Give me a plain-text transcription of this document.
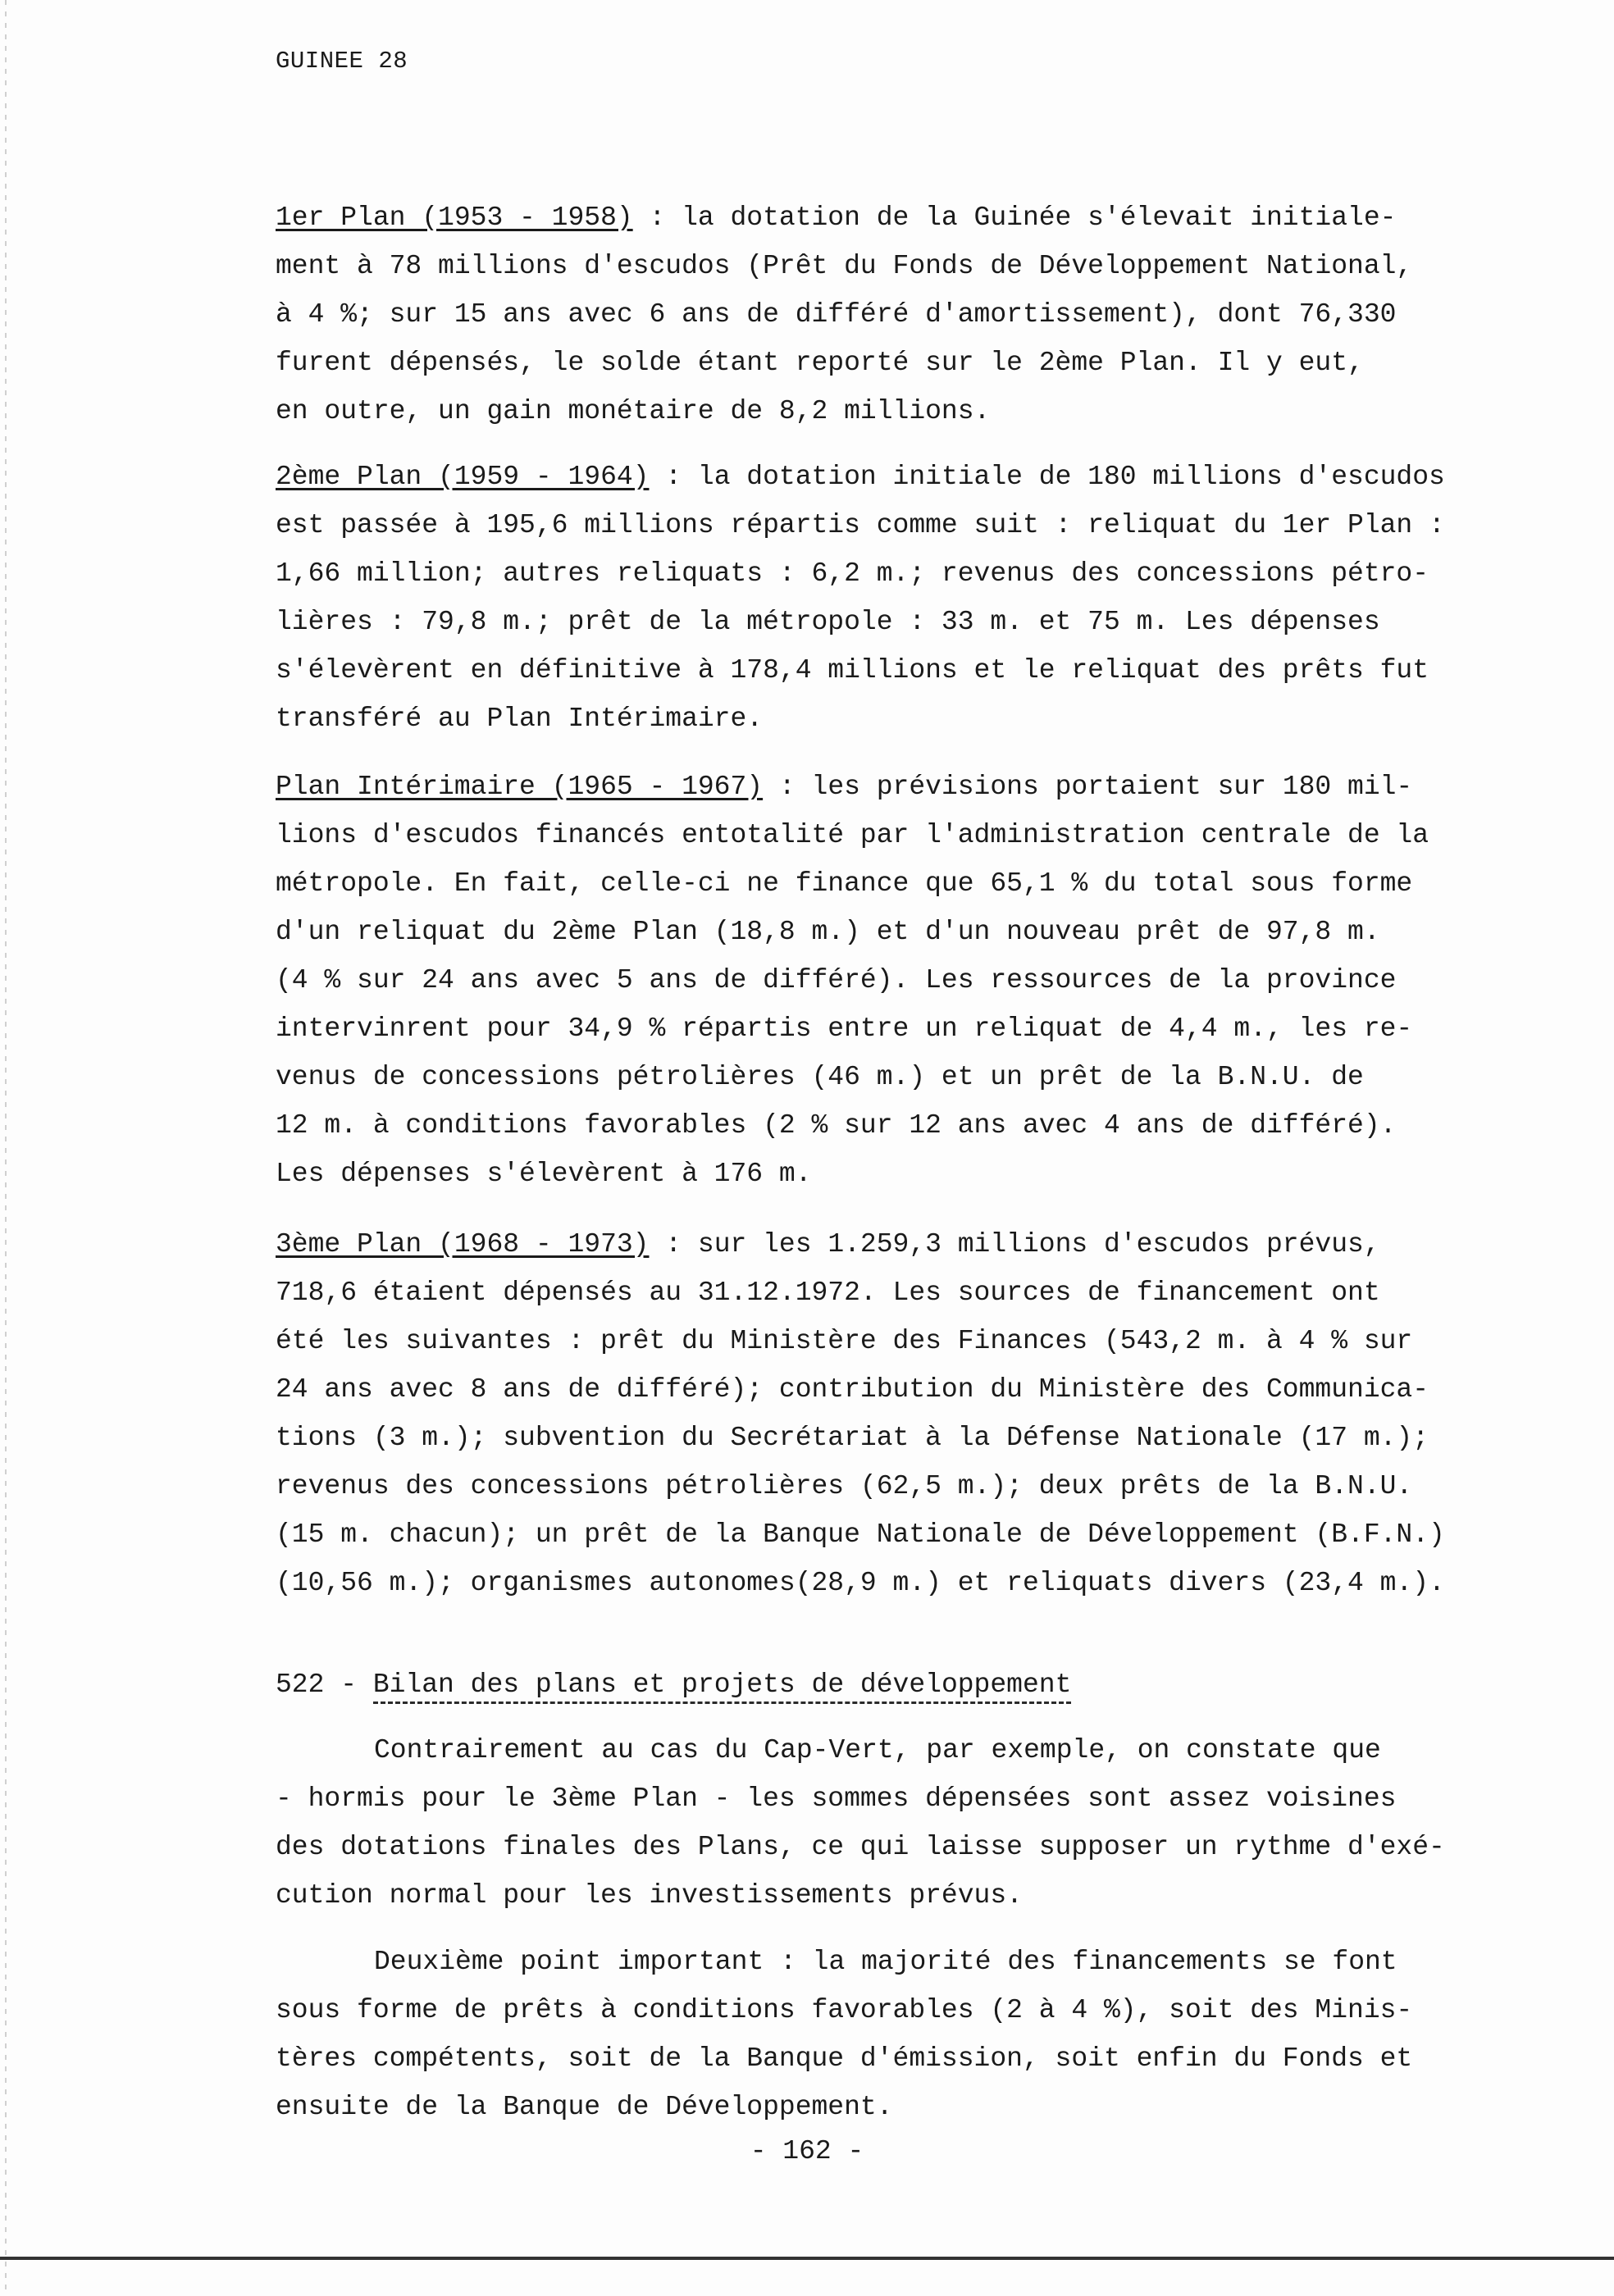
GUINEE 28
1er Plan (1953 - 1958) : la dotation de la Guinée s'élevait initiale-
ment à 78 millions d'escudos (Prêt du Fonds de Développement National,
à 4 %; sur 15 ans avec 6 ans de différé d'amortissement), dont 76,330
furent dépensés, le solde étant reporté sur le 2ème Plan. Il y eut,
en outre, un gain monétaire de 8,2 millions.
2ème Plan (1959 - 1964) : la dotation initiale de 180 millions d'escudos
est passée à 195,6 millions répartis comme suit : reliquat du 1er Plan :
1,66 million; autres reliquats : 6,2 m.; revenus des concessions pétro-
lières : 79,8 m.; prêt de la métropole : 33 m. et 75 m. Les dépenses
s'élevèrent en définitive à 178,4 millions et le reliquat des prêts fut
transféré au Plan Intérimaire.
Plan Intérimaire (1965 - 1967) : les prévisions portaient sur 180 mil-
lions d'escudos financés entotalité par l'administration centrale de la
métropole. En fait, celle-ci ne finance que 65,1 % du total sous forme
d'un reliquat du 2ème Plan (18,8 m.) et d'un nouveau prêt de 97,8 m.
(4 % sur 24 ans avec 5 ans de différé). Les ressources de la province
intervinrent pour 34,9 % répartis entre un reliquat de 4,4 m., les re-
venus de concessions pétrolières (46 m.) et un prêt de la B.N.U. de
12 m. à conditions favorables (2 % sur 12 ans avec 4 ans de différé).
Les dépenses s'élevèrent à 176 m.
3ème Plan (1968 - 1973) : sur les 1.259,3 millions d'escudos prévus,
718,6 étaient dépensés au 31.12.1972. Les sources de financement ont
été les suivantes : prêt du Ministère des Finances (543,2 m. à 4 % sur
24 ans avec 8 ans de différé); contribution du Ministère des Communica-
tions (3 m.); subvention du Secrétariat à la Défense Nationale (17 m.);
revenus des concessions pétrolières (62,5 m.); deux prêts de la B.N.U.
(15 m. chacun); un prêt de la Banque Nationale de Développement (B.F.N.)
(10,56 m.); organismes autonomes(28,9 m.) et reliquats divers (23,4 m.).
522 - Bilan des plans et projets de développement
Contrairement au cas du Cap-Vert, par exemple, on constate que
- hormis pour le 3ème Plan - les sommes dépensées sont assez voisines
des dotations finales des Plans, ce qui laisse supposer un rythme d'exé-
cution normal pour les investissements prévus.
Deuxième point important : la majorité des financements se font
sous forme de prêts à conditions favorables (2 à 4 %), soit des Minis-
tères compétents, soit de la Banque d'émission, soit enfin du Fonds et
ensuite de la Banque de Développement.
- 162 -
